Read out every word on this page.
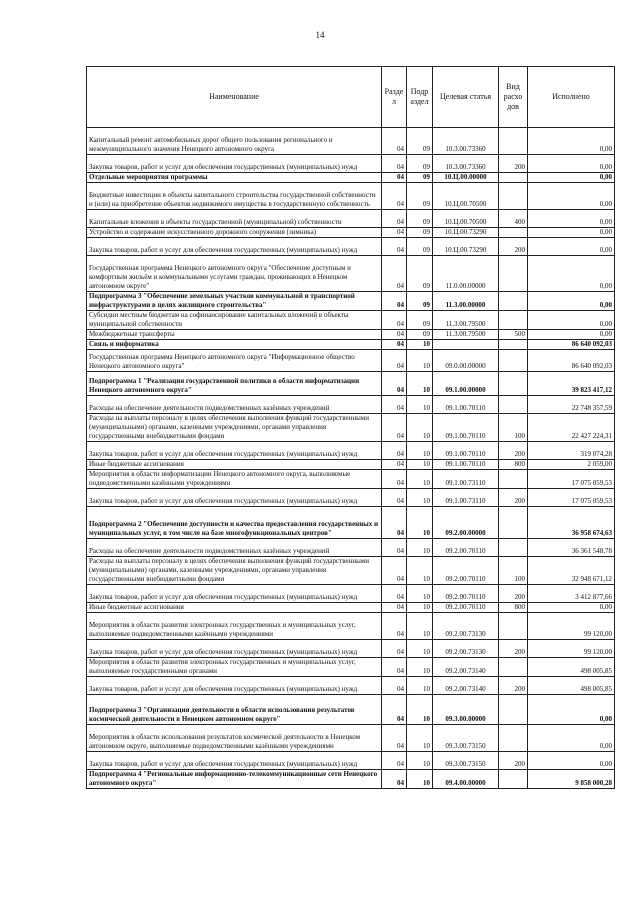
14
Наименование	Разде л	Подр аздел	Целевая статья	Вид расхо дов	Исполнено
Капитальный ремонт автомобильных дорог общего пользования регионального и межмуниципального значения Ненецкого автономного округа	04	09	10.3.00.73360		0,00
Закупка товаров, работ и услуг для обеспечения государственных (муниципальных) нужд	04	09	10.3.00.73360	200	0,00
Отдельные мероприятия программы	04	09	10.Ц.00.00000		0,00
Бюджетные инвестиции в объекты капитального строительства государственной собственности и (или) на приобретение объектов недвижимого имущества в государственную собственность	04	09	10.Ц.00.70500		0,00
Капитальные вложения в объекты государственной (муниципальной) собственности	04	09	10.Ц.00.70500	400	0,00
Устройство и содержание искусственного дорожного сооружения (зимника)	04	09	10.Ц.00.73290		0,00
Закупка товаров, работ и услуг для обеспечения государственных (муниципальных) нужд	04	09	10.Ц.00.73290	200	0,00
Государственная программа Ненецкого автономного округа "Обеспечение доступным и комфортным жильём и коммунальными услугами граждан, проживающих в Ненецком автономном округе"	04	09	11.0.00.00000		0,00
Подпрограмма 3 "Обеспечение земельных участков коммунальной и транспортной инфраструктурами в целях жилищного строительства"	04	09	11.3.00.00000		0,00
Субсидии местным бюджетам на софинансирование капитальных вложений в объекты муниципальной собственности	04	09	11.3.00.79500		0,00
Межбюджетные трансферты	04	09	11.3.00.79500	500	0,00
Связь и информатика	04	10			86 640 092,03
Государственная программа Ненецкого автономного округа "Информационное общество Ненецкого автономного округа"	04	10	09.0.00.00000		86 640 092,03
Подпрограмма 1 "Реализация государственной политики в области информатизации Ненецкого автономного округа"	04	10	09.1.00.00000		39 823 417,12
Расходы на обеспечение деятельности подведомственных казённых учреждений	04	10	09.1.00.70110		22 748 357,59
Расходы на выплаты персоналу в целях обеспечения выполнения функций государственными (муниципальными) органами, казенными учреждениями, органами управления государственными внебюджетными фондами	04	10	09.1.00.70110	100	22 427 224,31
Закупка товаров, работ и услуг для обеспечения государственных (муниципальных) нужд	04	10	09.1.00.70110	200	319 074,28
Иные бюджетные ассигнования	04	10	09.1.00.70110	800	2 059,00
Мероприятия в области информатизации Ненецкого автономного округа, выполняемые подведомственными казёнными учреждениями	04	10	09.1.00.73110		17 075 059,53
Закупка товаров, работ и услуг для обеспечения государственных (муниципальных) нужд	04	10	09.1.00.73110	200	17 075 059,53
Подпрограмма 2 "Обеспечение доступности и качества предоставления государственных и муниципальных услуг, в том числе на базе многофункциональных центров"	04	10	09.2.00.00000		36 958 674,63
Расходы на обеспечение деятельности подведомственных казённых учреждений	04	10	09.2.00.70110		36 361 548,78
Расходы на выплаты персоналу в целях обеспечения выполнения функций государственными (муниципальными) органами, казенными учреждениями, органами управления государственными внебюджетными фондами	04	10	09.2.00.70110	100	32 948 671,12
Закупка товаров, работ и услуг для обеспечения государственных (муниципальных) нужд	04	10	09.2.00.70110	200	3 412 877,66
Иные бюджетные ассигнования	04	10	09.2.00.70110	800	0,00
Мероприятия в области развития электронных государственных и муниципальных услуг, выполняемые подведомственными казёнными учреждениями	04	10	09.2.00.73130		99 120,00
Закупка товаров, работ и услуг для обеспечения государственных (муниципальных) нужд	04	10	09.2.00.73130	200	99 120,00
Мероприятия в области развития электронных государственных и муниципальных услуг, выполняемые государственными органами	04	10	09.2.00.73140		498 005,85
Закупка товаров, работ и услуг для обеспечения государственных (муниципальных) нужд	04	10	09.2.00.73140	200	498 005,85
Подпрограмма 3 "Организация деятельности в области использования результатов космической деятельности в Ненецком автономном округе"	04	10	09.3.00.00000		0,00
Мероприятия в области использования результатов космической деятельности в Ненецком автономном округе, выполняемые подведомственными казёнными учреждениями	04	10	09.3.00.73150		0,00
Закупка товаров, работ и услуг для обеспечения государственных (муниципальных) нужд	04	10	09.3.00.73150	200	0,00
Подпрограмма 4 "Региональные информационно-телекоммуникационные сети Ненецкого автономного округа"	04	10	09.4.00.00000		9 858 000,28
